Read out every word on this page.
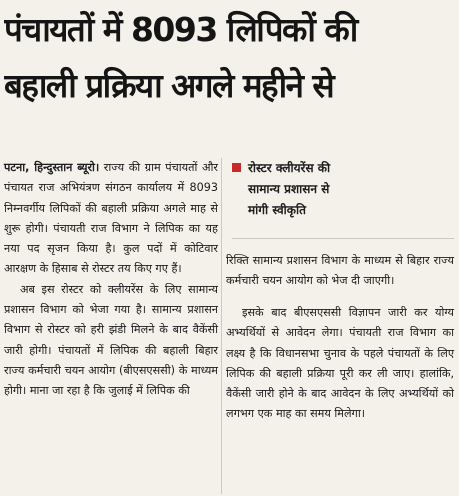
पंचायतों में 8093 लिपिकों की
बहाली प्रक्रिया अगले महीने से

पटना, हिन्दुस्तान ब्यूरो। राज्य की ग्राम पंचायतों और पंचायत राज अभियंत्रण संगठन कार्यालय में 8093 निम्नवर्गीय लिपिकों की बहाली प्रक्रिया अगले माह से शुरू होगी। पंचायती राज विभाग ने लिपिक का यह नया पद सृजन किया है। कुल पदों में कोटिवार आरक्षण के हिसाब से रोस्टर तय किए गए हैं।

अब इस रोस्टर को क्लीयरेंस के लिए सामान्य प्रशासन विभाग को भेजा गया है। सामान्य प्रशासन विभाग से रोस्टर को हरी झंडी मिलने के बाद वैकेंसी जारी होगी। पंचायतों में लिपिक की बहाली बिहार राज्य कर्मचारी चयन आयोग (बीएसएससी) के माध्यम होगी। माना जा रहा है कि जुलाई में लिपिक की

रोस्टर क्लीयरेंस की
सामान्य प्रशासन से
मांगी स्वीकृति

रिक्ति सामान्य प्रशासन विभाग के माध्यम से बिहार राज्य कर्मचारी चयन आयोग को भेज दी जाएगी।

इसके बाद बीएसएससी विज्ञापन जारी कर योग्य अभ्यर्थियों से आवेदन लेगा। पंचायती राज विभाग का लक्ष्य है कि विधानसभा चुनाव के पहले पंचायतों के लिए लिपिक की बहाली प्रक्रिया पूरी कर ली जाए। हालांकि, वैकेंसी जारी होने के बाद आवेदन के लिए अभ्यर्थियों को लगभग एक माह का समय मिलेगा।
